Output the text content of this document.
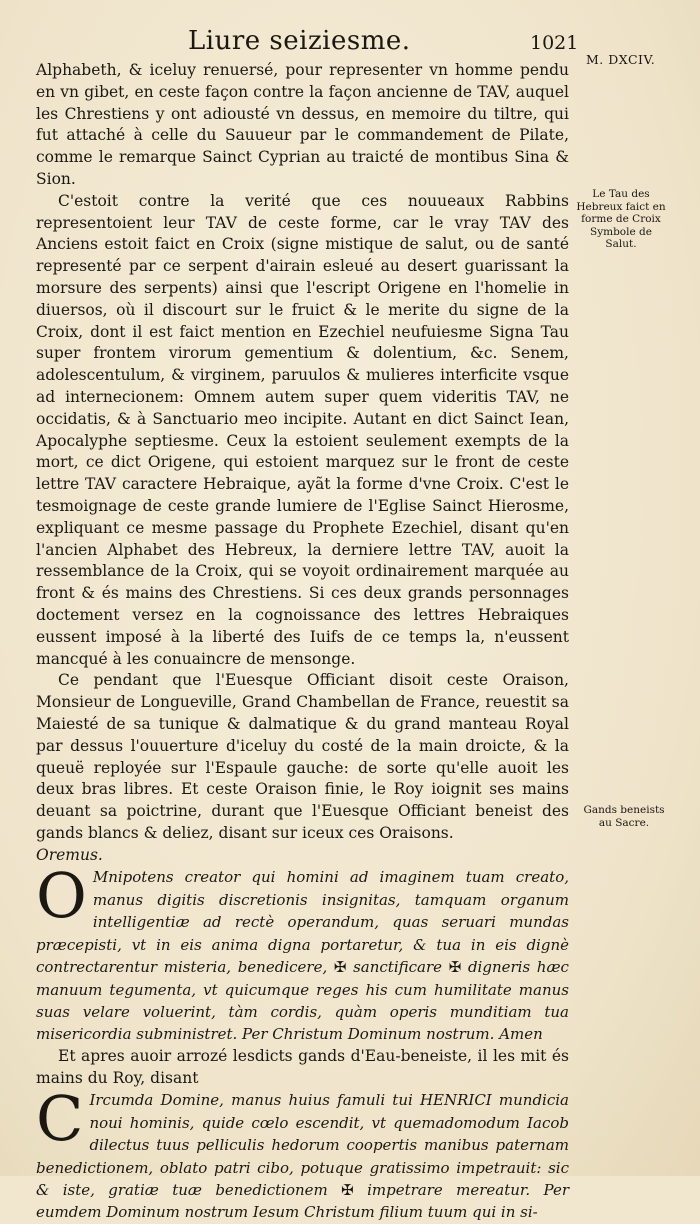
Liure seiziesme.	1021
M. DXCIV.

Alphabeth, & iceluy renuersé, pour representer vn homme pendu en vn gibet, en ceste façon contre la façon ancienne de TAV, auquel les Chrestiens y ont adiousté vn dessus, en memoire du tiltre, qui fut attaché à celle du Sauueur par le commandement de Pilate, comme le remarque Sainct Cyprian au traicté de montibus Sina & Sion.

C'estoit contre la verité que ces nouueaux Rabbins representoient leur TAV de ceste forme, car le vray TAV des Anciens estoit faict en Croix (signe mistique de salut, ou de santé representé par ce serpent d'airain esleué au desert guarissant la morsure des serpents) ainsi que l'escript Origene en l'homelie in diuersos, où il discourt sur le fruict & le merite du signe de la Croix, dont il est faict mention en Ezechiel neufuiesme Signa Tau super frontem virorum gementium & dolentium, &c. Senem, adolescentulum, & virginem, paruulos & mulieres interficite vsque ad internecionem: Omnem autem super quem videritis TAV, ne occidatis, & à Sanctuario meo incipite. Autant en dict Sainct Iean, Apocalyphe septiesme. Ceux la estoient seulement exempts de la mort, ce dict Origene, qui estoient marquez sur le front de ceste lettre TAV caractere Hebraique, ayãt la forme d'vne Croix. C'est le tesmoignage de ceste grande lumiere de l'Eglise Sainct Hierosme, expliquant ce mesme passage du Prophete Ezechiel, disant qu'en l'ancien Alphabet des Hebreux, la derniere lettre TAV, auoit la ressemblance de la Croix, qui se voyoit ordinairement marquée au front & és mains des Chrestiens. Si ces deux grands personnages doctement versez en la cognoissance des lettres Hebraiques eussent imposé à la liberté des Iuifs de ce temps la, n'eussent mancqué à les conuaincre de mensonge.

Ce pendant que l'Euesque Officiant disoit ceste Oraison, Monsieur de Longueville, Grand Chambellan de France, reuestit sa Maiesté de sa tunique & dalmatique & du grand manteau Royal par dessus l'ouuerture d'iceluy du costé de la main droicte, & la queuë reployée sur l'Espaule gauche: de sorte qu'elle auoit les deux bras libres. Et ceste Oraison finie, le Roy ioignit ses mains deuant sa poictrine, durant que l'Euesque Officiant beneist des gands blancs & deliez, disant sur iceux ces Oraisons.

Oremus.

O Mnipotens creator qui homini ad imaginem tuam creato, manus digitis discretionis insignitas, tamquam organum intelligentiæ ad rectè operandum, quas seruari mundas præcepisti, vt in eis anima digna portaretur, & tua in eis dignè contrectarentur misteria, benedicere, ✠ sanctificare ✠ digneris hæc manuum tegumenta, vt quicumque reges his cum humilitate manus suas velare voluerint, tàm cordis, quàm operis munditiam tua misericordia subministret. Per Christum Dominum nostrum. Amen

Et apres auoir arrozé lesdicts gands d'Eau-beneiste, il les mit és mains du Roy, disant

C Ircumda Domine, manus huius famuli tui HENRICI mundicia noui hominis, quide cœlo escendit, vt quemadomodum Iacob dilectus tuus pelliculis hedorum coopertis manibus paternam benedictionem, oblato patri cibo, potuque gratissimo impetrauit: sic & iste, gratiæ tuæ benedictionem ✠ impetrare mereatur. Per eumdem Dominum nostrum Iesum Christum filium tuum qui in si-

Le Tau des Hebreux faict en forme de Croix Symbole de Salut.
Gands beneists au Sacre.
